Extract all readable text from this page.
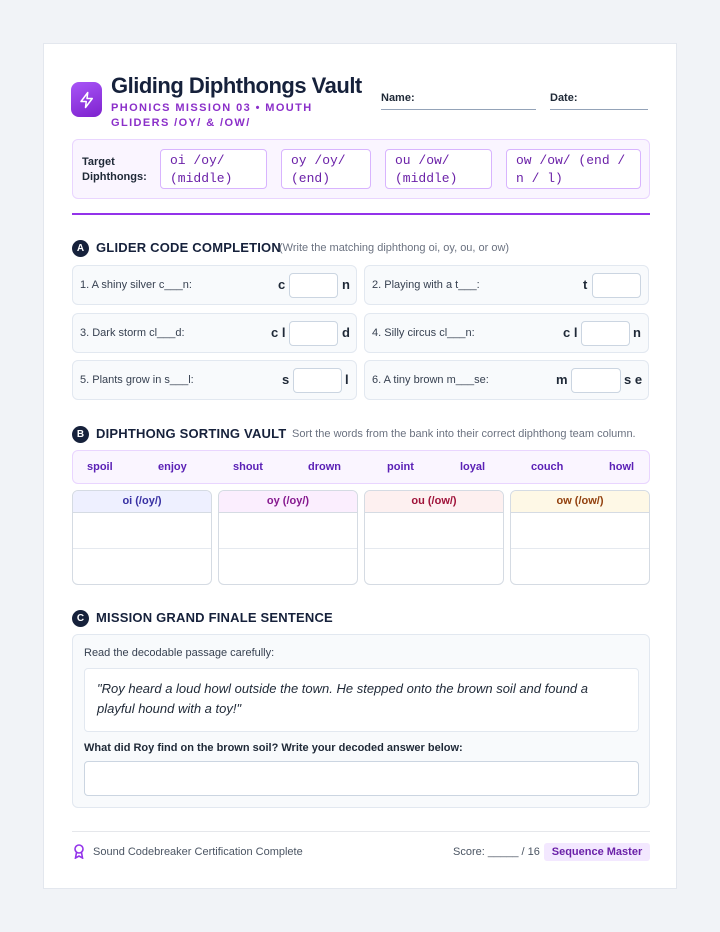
Gliding Diphthongs Vault
PHONICS MISSION 03 • MOUTH GLIDERS /OY/ & /OW/
Name:	Date:
Target Diphthongs:
oi /oy/ (middle)
oy /oy/ (end)
ou /ow/ (middle)
ow /ow/ (end / n / l)
A GLIDER CODE COMPLETION
(Write the matching diphthong oi, oy, ou, or ow)
1. A shiny silver c___n:	c	n 2. Playing with a t___:	t
3. Dark storm cl___d:	c l	d 4. Silly circus cl___n:	c l	n
5. Plants grow in s___l:	s	l 6. A tiny brown m___se:	m	s e
B DIPHTHONG SORTING VAULT Sort the words from the bank into their correct diphthong team column.
spoil	enjoy	shout	drown	point	loyal	couch	howl
oi (/oy/)	oy (/oy/)	ou (/ow/)	ow (/ow/)
C MISSION GRAND FINALE SENTENCE
Read the decodable passage carefully:
"Roy heard a loud howl outside the town. He stepped onto the brown soil and found a playful hound with a toy!"
What did Roy find on the brown soil? Write your decoded answer below:
Sound Codebreaker Certification Complete	Score: _____ / 16	Sequence Master
